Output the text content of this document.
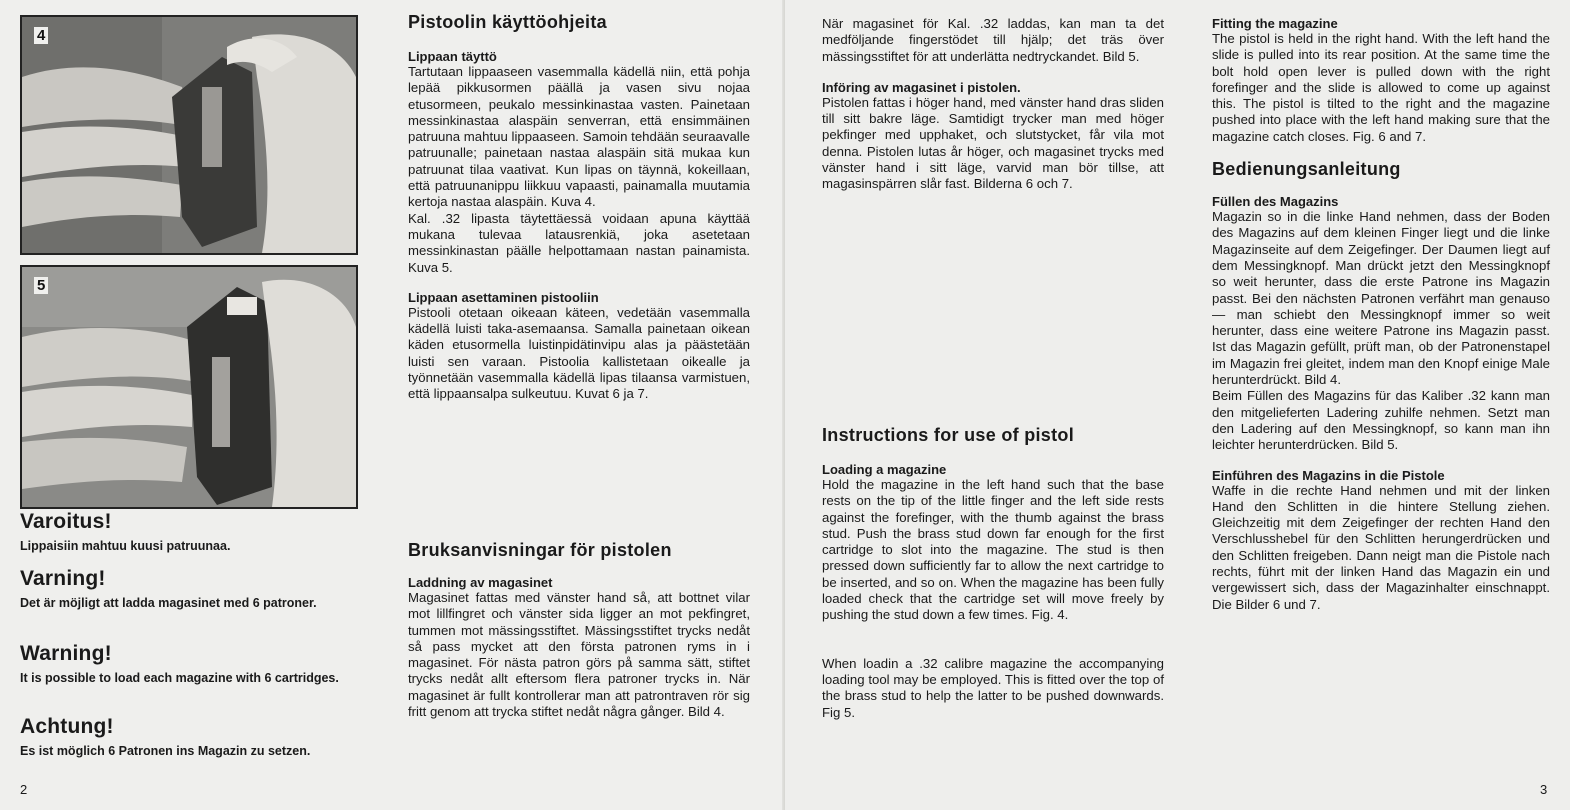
4
5
Varoitus!

Lippaisiin mahtuu kuusi patruunaa.

Varning!

Det är möjligt att ladda magasinet med 6 patroner.

Warning!

It is possible to load each magazine with 6 cartridges.

Achtung!

Es ist möglich 6 Patronen ins Magazin zu setzen.

2
Pistoolin käyttöohjeita
Lippaan täyttö

Tartutaan lippaaseen vasemmalla kädellä niin, että pohja lepää pikkusormen päällä ja vasen sivu nojaa etusormeen, peukalo messinkinastaa vasten. Painetaan messinkinastaa alaspäin senverran, että ensimmäinen patruuna mahtuu lippaaseen. Samoin tehdään seuraavalle patruunalle; painetaan nastaa alaspäin sitä mukaa kun patruunat tilaa vaativat. Kun lipas on täynnä, kokeillaan, että patruunanippu liikkuu vapaasti, painamalla muutamia kertoja nastaa alaspäin. Kuva 4.

Kal. .32 lipasta täytettäessä voidaan apuna käyttää mukana tulevaa latausrenkiä, joka asetetaan messinkinastan päälle helpottamaan nastan painamista. Kuva 5.

Lippaan asettaminen pistooliin

Pistooli otetaan oikeaan käteen, vedetään vasemmalla kädellä luisti taka-asemaansa. Samalla painetaan oikean käden etusormella luistinpidätinvipu alas ja päästetään luisti sen varaan. Pistoolia kallistetaan oikealle ja työnnetään vasemmalla kädellä lipas tilaansa varmistuen, että lippaansalpa sulkeutuu. Kuvat 6 ja 7.

Bruksanvisningar för pistolen
Laddning av magasinet

Magasinet fattas med vänster hand så, att bottnet vilar mot lillfingret och vänster sida ligger an mot pekfingret, tummen mot mässingsstiftet. Mässingsstiftet trycks nedåt så pass mycket att den första patronen ryms in i magasinet. För nästa patron görs på samma sätt, stiftet trycks nedåt allt eftersom flera patroner trycks in. När magasinet är fullt kontrollerar man att patrontraven rör sig fritt genom att trycka stiftet nedåt några gånger. Bild 4.

När magasinet för Kal. .32 laddas, kan man ta det medföljande fingerstödet till hjälp; det träs över mässingsstiftet för att underlätta nedtryckandet. Bild 5.

Införing av magasinet i pistolen.

Pistolen fattas i höger hand, med vänster hand dras sliden till sitt bakre läge. Samtidigt trycker man med höger pekfinger med upphaket, och slutstycket, får vila mot denna. Pistolen lutas år höger, och magasinet trycks med vänster hand i sitt läge, varvid man bör tillse, att magasinspärren slår fast. Bilderna 6 och 7.

Instructions for use of pistol
Loading a magazine

Hold the magazine in the left hand such that the base rests on the tip of the little finger and the left side rests against the forefinger, with the thumb against the brass stud. Push the brass stud down far enough for the first cartridge to slot into the magazine. The stud is then pressed down sufficiently far to allow the next cartridge to be inserted, and so on. When the magazine has been fully loaded check that the cartridge set will move freely by pushing the stud down a few times. Fig. 4.

When loadin a .32 calibre magazine the accompanying loading tool may be employed. This is fitted over the top of the brass stud to help the latter to be pushed downwards. Fig 5.

Fitting the magazine

The pistol is held in the right hand. With the left hand the slide is pulled into its rear position. At the same time the bolt hold open lever is pulled down with the right forefinger and the slide is allowed to come up against this. The pistol is tilted to the right and the magazine pushed into place with the left hand making sure that the magazine catch closes. Fig. 6 and 7.

Bedienungsanleitung
Füllen des Magazins

Magazin so in die linke Hand nehmen, dass der Boden des Magazins auf dem kleinen Finger liegt und die linke Magazinseite auf dem Zeigefinger. Der Daumen liegt auf dem Messingknopf. Man drückt jetzt den Messingknopf so weit herunter, dass die erste Patrone ins Magazin passt. Bei den nächsten Patronen verfährt man genauso — man schiebt den Messingknopf immer so weit herunter, dass eine weitere Patrone ins Magazin passt. Ist das Magazin gefüllt, prüft man, ob der Patronenstapel im Magazin frei gleitet, indem man den Knopf einige Male herunterdrückt. Bild 4.

Beim Füllen des Magazins für das Kaliber .32 kann man den mitgelieferten Ladering zuhilfe nehmen. Setzt man den Ladering auf den Messingknopf, so kann man ihn leichter herunterdrücken. Bild 5.

Einführen des Magazins in die Pistole

Waffe in die rechte Hand nehmen und mit der linken Hand den Schlitten in die hintere Stellung ziehen. Gleichzeitig mit dem Zeigefinger der rechten Hand den Verschlusshebel für den Schlitten herungerdrücken und den Schlitten freigeben. Dann neigt man die Pistole nach rechts, führt mit der linken Hand das Magazin ein und vergewissert sich, dass der Magazinhalter einschnappt. Die Bilder 6 und 7.

3
